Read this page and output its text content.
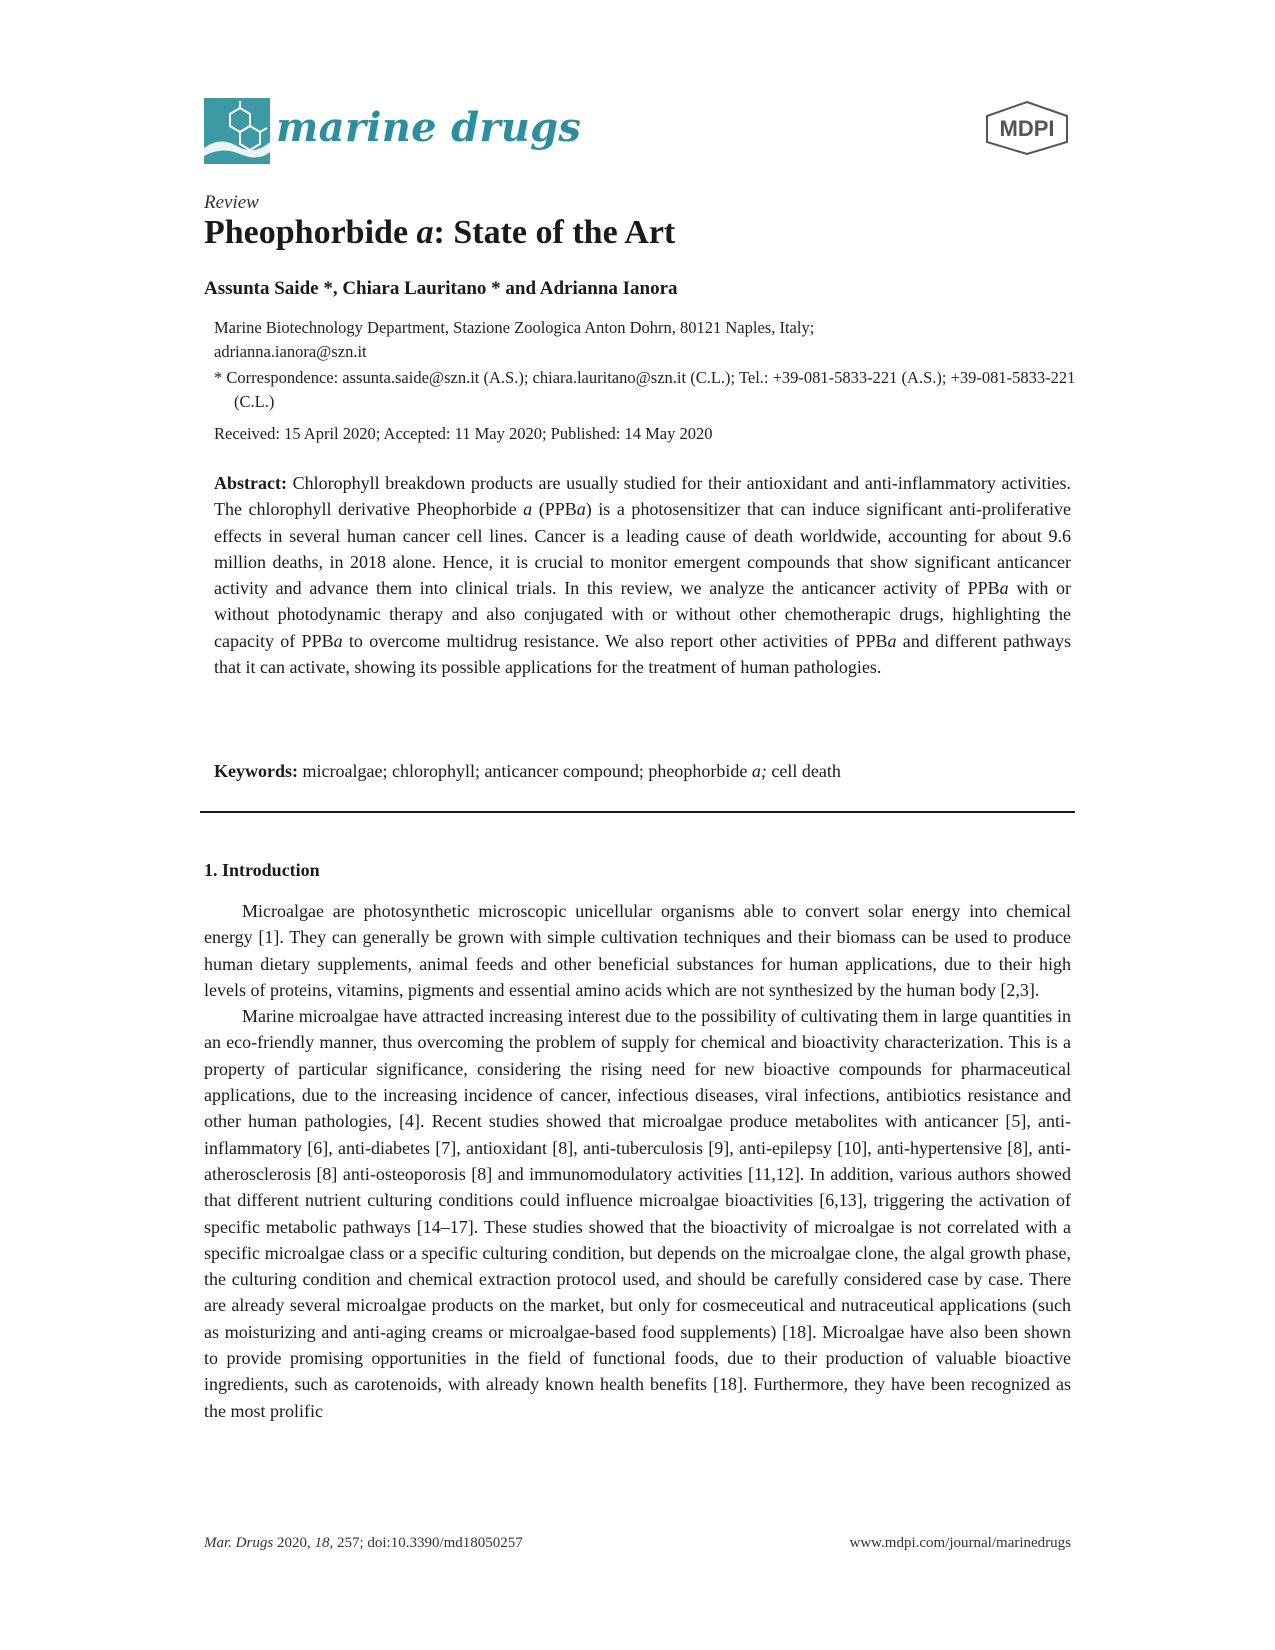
marine drugs	MDPI
Review
Pheophorbide a: State of the Art
Assunta Saide *, Chiara Lauritano * and Adrianna Ianora
Marine Biotechnology Department, Stazione Zoologica Anton Dohrn, 80121 Naples, Italy;
adrianna.ianora@szn.it
* Correspondence: assunta.saide@szn.it (A.S.); chiara.lauritano@szn.it (C.L.); Tel.: +39-081-5833-221 (A.S.); +39-081-5833-221 (C.L.)
Received: 15 April 2020; Accepted: 11 May 2020; Published: 14 May 2020
Abstract: Chlorophyll breakdown products are usually studied for their antioxidant and anti-inflammatory activities. The chlorophyll derivative Pheophorbide a (PPBa) is a photosensitizer that can induce significant anti-proliferative effects in several human cancer cell lines. Cancer is a leading cause of death worldwide, accounting for about 9.6 million deaths, in 2018 alone. Hence, it is crucial to monitor emergent compounds that show significant anticancer activity and advance them into clinical trials. In this review, we analyze the anticancer activity of PPBa with or without photodynamic therapy and also conjugated with or without other chemotherapic drugs, highlighting the capacity of PPBa to overcome multidrug resistance. We also report other activities of PPBa and different pathways that it can activate, showing its possible applications for the treatment of human pathologies.
Keywords: microalgae; chlorophyll; anticancer compound; pheophorbide a; cell death
1. Introduction

Microalgae are photosynthetic microscopic unicellular organisms able to convert solar energy into chemical energy [1]. They can generally be grown with simple cultivation techniques and their biomass can be used to produce human dietary supplements, animal feeds and other beneficial substances for human applications, due to their high levels of proteins, vitamins, pigments and essential amino acids which are not synthesized by the human body [2,3].

Marine microalgae have attracted increasing interest due to the possibility of cultivating them in large quantities in an eco-friendly manner, thus overcoming the problem of supply for chemical and bioactivity characterization. This is a property of particular significance, considering the rising need for new bioactive compounds for pharmaceutical applications, due to the increasing incidence of cancer, infectious diseases, viral infections, antibiotics resistance and other human pathologies, [4]. Recent studies showed that microalgae produce metabolites with anticancer [5], anti-inflammatory [6], anti-diabetes [7], antioxidant [8], anti-tuberculosis [9], anti-epilepsy [10], anti-hypertensive [8], anti-atherosclerosis [8] anti-osteoporosis [8] and immunomodulatory activities [11,12]. In addition, various authors showed that different nutrient culturing conditions could influence microalgae bioactivities [6,13], triggering the activation of specific metabolic pathways [14–17]. These studies showed that the bioactivity of microalgae is not correlated with a specific microalgae class or a specific culturing condition, but depends on the microalgae clone, the algal growth phase, the culturing condition and chemical extraction protocol used, and should be carefully considered case by case. There are already several microalgae products on the market, but only for cosmeceutical and nutraceutical applications (such as moisturizing and anti-aging creams or microalgae-based food supplements) [18]. Microalgae have also been shown to provide promising opportunities in the field of functional foods, due to their production of valuable bioactive ingredients, such as carotenoids, with already known health benefits [18]. Furthermore, they have been recognized as the most prolific

Mar. Drugs 2020, 18, 257; doi:10.3390/md18050257	www.mdpi.com/journal/marinedrugs
